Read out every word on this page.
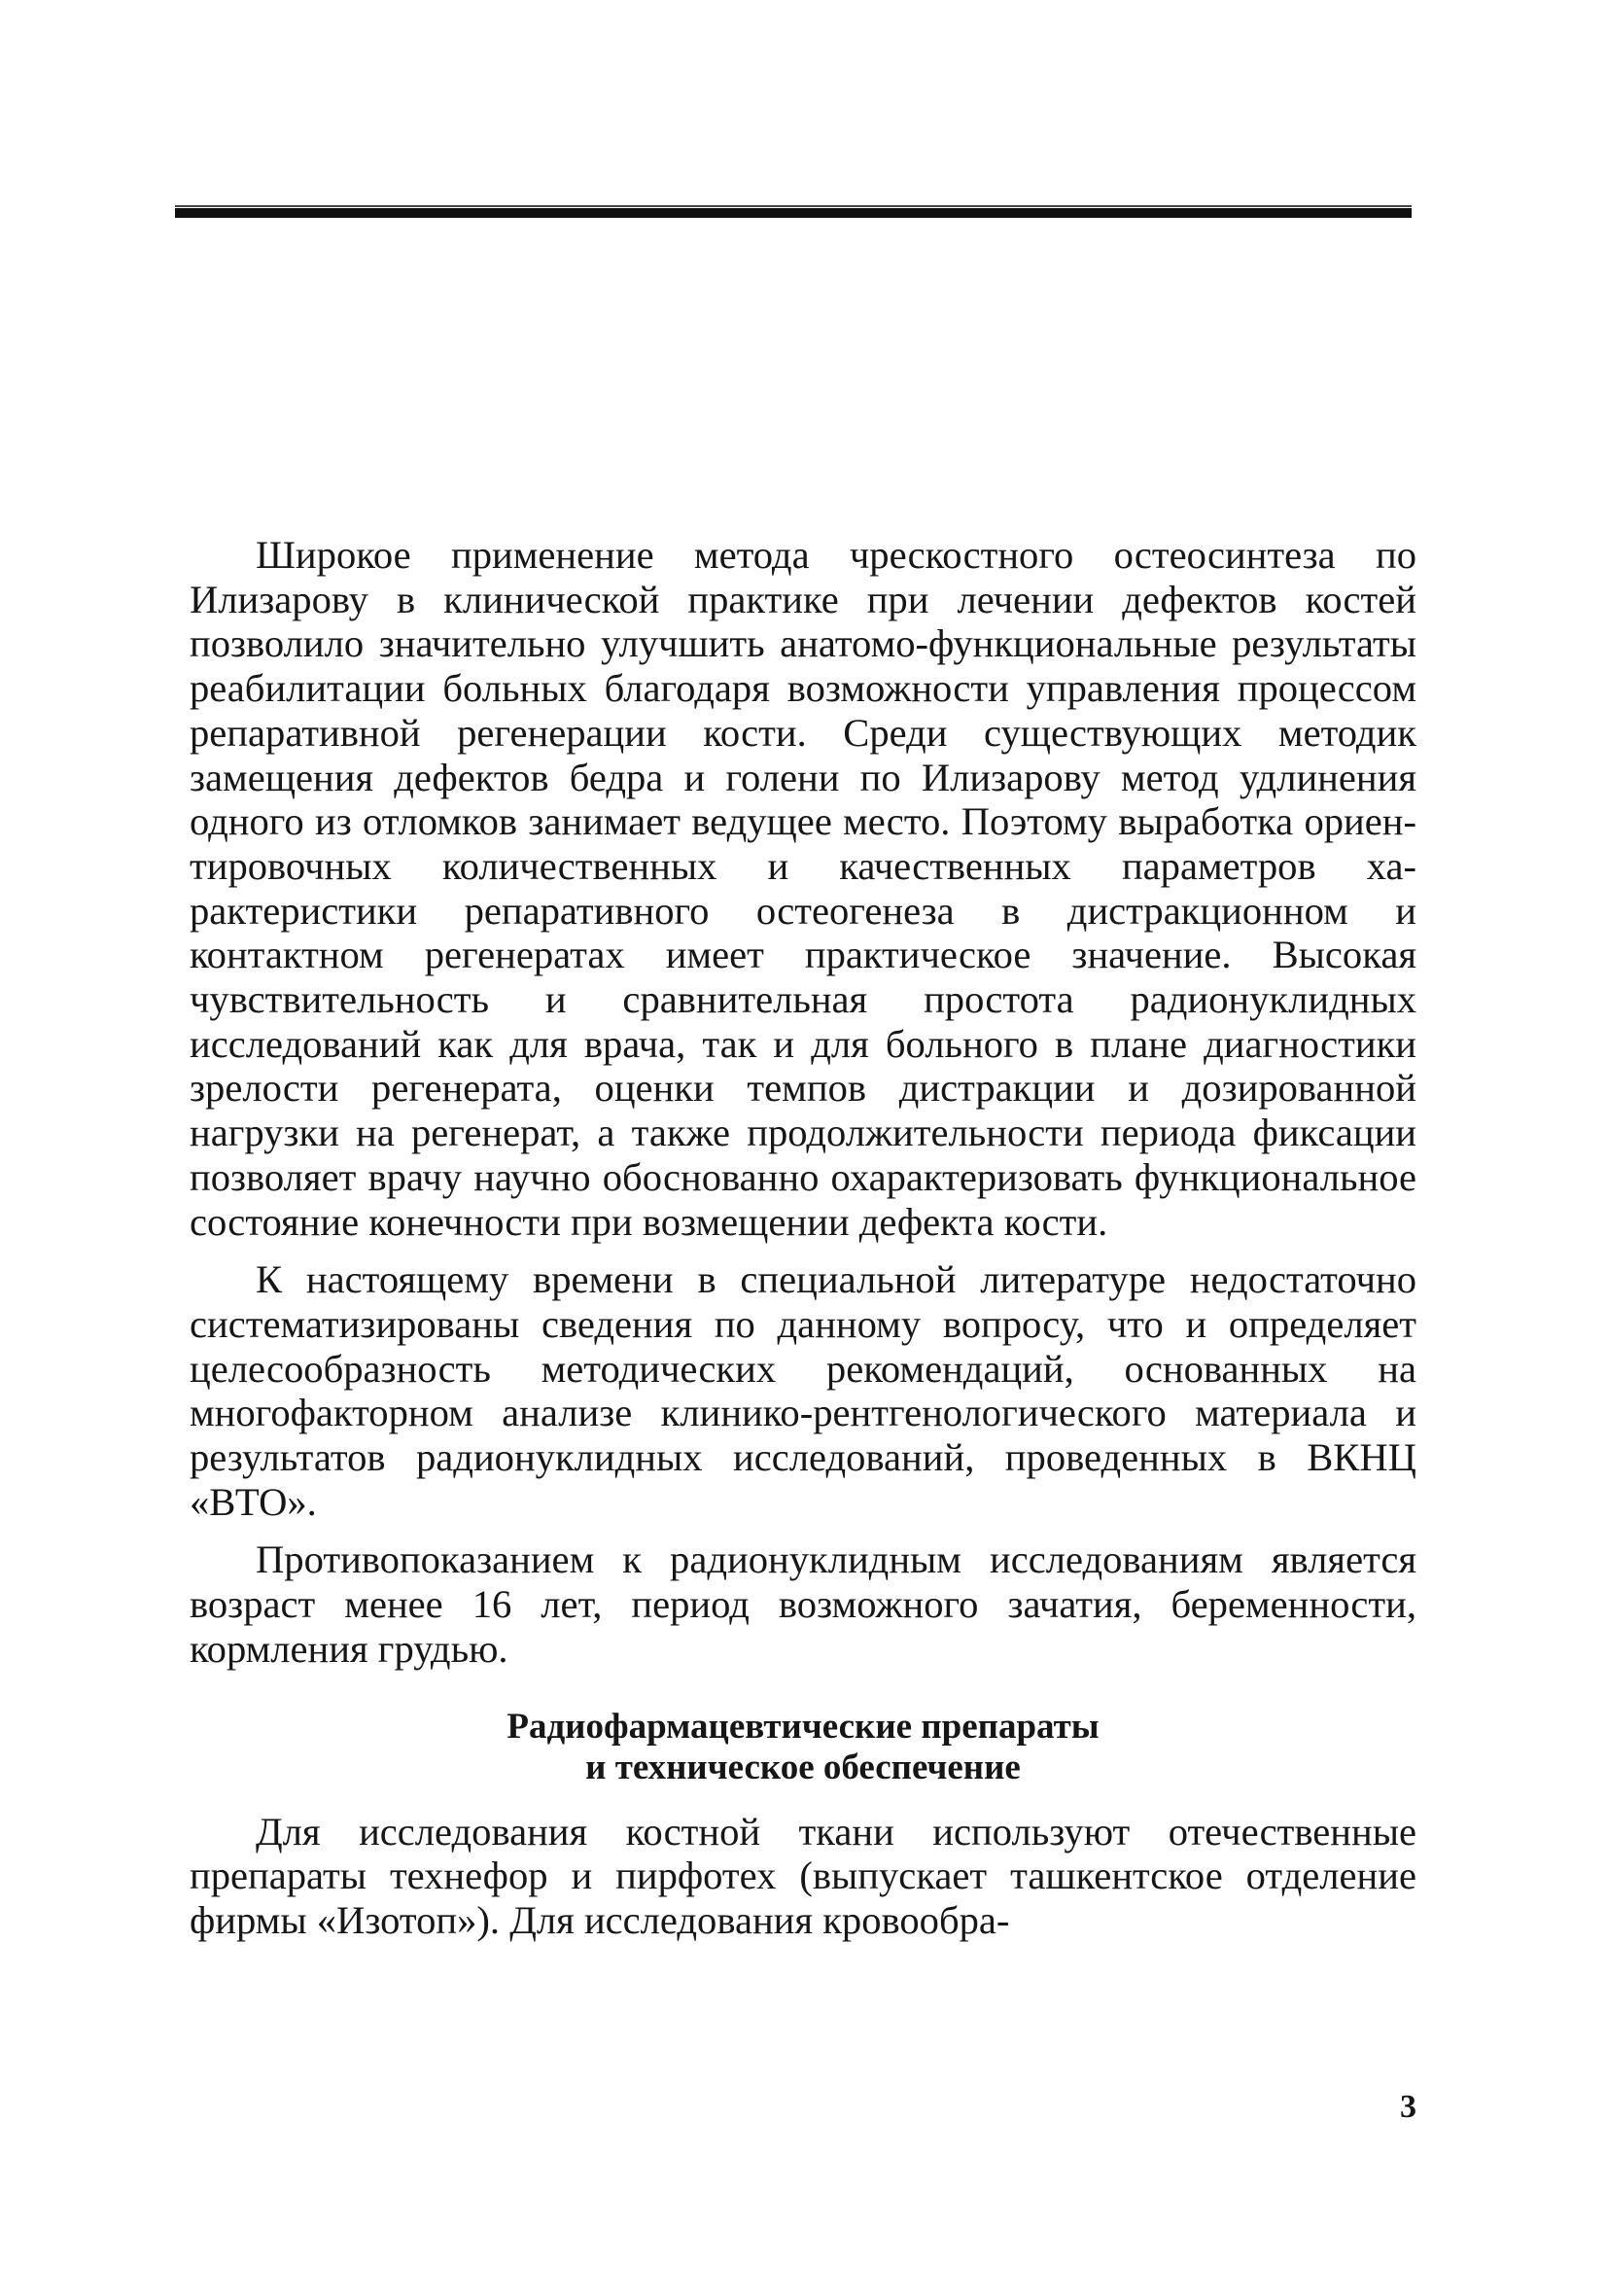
Широкое применение метода чрескостного остеосинтеза по Илизарову в клинической практике при лечении дефектов костей позволило значительно улучшить анатомо-функциональные результаты реабилитации больных благодаря возможности управления процессом репаративной регенерации кости. Среди существующих методик замещения дефектов бедра и голени по Илизарову метод удлинения одного из отломков занимает ведущее место. Поэтому выработка ориентировочных количественных и качественных параметров характеристики репаративного остеогенеза в дистракционном и контактном регенератах имеет практическое значение. Высокая чувствительность и сравнительная простота радионуклидных исследований как для врача, так и для больного в плане диагностики зрелости регенерата, оценки темпов дистракции и дозированной нагрузки на регенерат, а также продолжительности периода фиксации позволяет врачу научно обоснованно охарактеризовать функциональное состояние конечности при возмещении дефекта кости.

К настоящему времени в специальной литературе недостаточно систематизированы сведения по данному вопросу, что и определяет целесообразность методических рекомендаций, основанных на многофакторном анализе клинико-рентгенологического материала и результатов радионуклидных исследований, проведенных в ВКНЦ «ВТО».

Противопоказанием к радионуклидным исследованиям является возраст менее 16 лет, период возможного зачатия, беременности, кормления грудью.

Радиофармацевтические препараты
и техническое обеспечение

Для исследования костной ткани используют отечественные препараты технефор и пирфотех (выпускает ташкентское отделение фирмы «Изотоп»). Для исследования кровообра-

3
